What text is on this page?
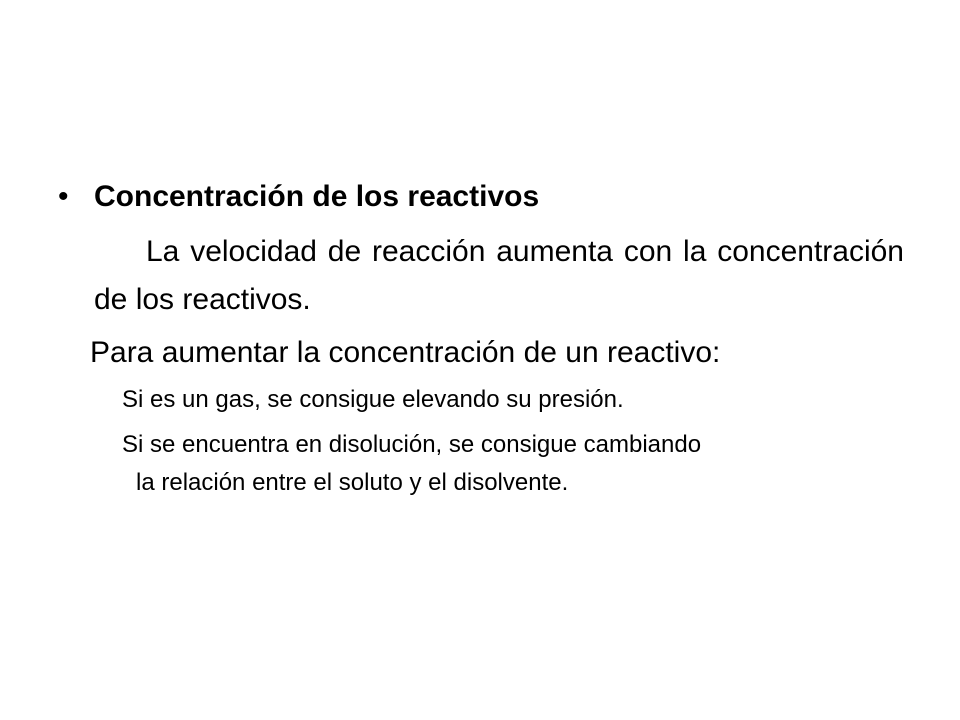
• Concentración de los reactivos

La velocidad de reacción aumenta con la concentración de los reactivos.

Para aumentar la concentración de un reactivo:
Si es un gas, se consigue elevando su presión.
Si se encuentra en disolución, se consigue cambiando
la relación entre el soluto y el disolvente.
